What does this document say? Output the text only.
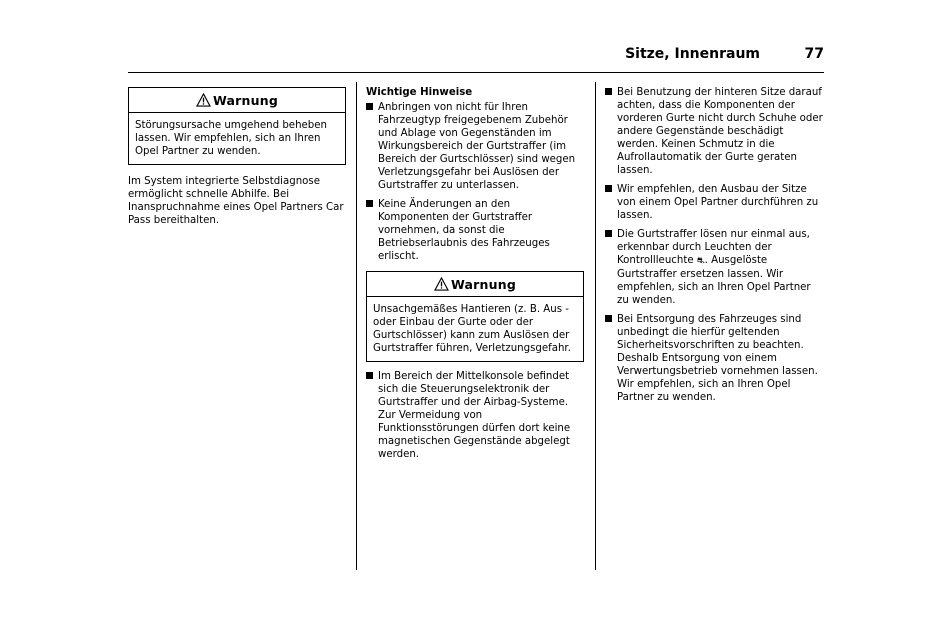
Sitze, Innenraum	77
Warnung
Störungsursache umgehend beheben lassen. Wir empfehlen, sich an Ihren Opel Partner zu wenden.

Im System integrierte Selbstdiagnose ermöglicht schnelle Abhilfe. Bei Inanspruchnahme eines Opel Partners Car Pass bereithalten.

Wichtige Hinweise

Anbringen von nicht für Ihren Fahrzeugtyp freigegebenem Zubehör und Ablage von Gegenständen im Wirkungsbereich der Gurtstraffer (im Bereich der Gurtschlösser) sind wegen Verletzungsgefahr bei Auslösen der Gurtstraffer zu unterlassen.
Keine Änderungen an den Komponenten der Gurtstraffer vornehmen, da sonst die Betriebserlaubnis des Fahrzeuges erlischt.
Warnung
Unsachgemäßes Hantieren (z. B. Aus - oder Einbau der Gurte oder der Gurtschlösser) kann zum Auslösen der Gurtstraffer führen, Verletzungsgefahr.
Im Bereich der Mittelkonsole befindet sich die Steuerungselektronik der Gurtstraffer und der Airbag-Systeme. Zur Vermeidung von Funktionsstörungen dürfen dort keine magnetischen Gegenstände abgelegt werden.
Bei Benutzung der hinteren Sitze darauf achten, dass die Komponenten der vorderen Gurte nicht durch Schuhe oder andere Gegenstände beschädigt werden. Keinen Schmutz in die Aufrollautomatik der Gurte geraten lassen.
Wir empfehlen, den Ausbau der Sitze von einem Opel Partner durchführen zu lassen.
Die Gurtstraffer lösen nur einmal aus, erkennbar durch Leuchten der Kontrollleuchte ⛐. Ausgelöste Gurtstraffer ersetzen lassen. Wir empfehlen, sich an Ihren Opel Partner zu wenden.
Bei Entsorgung des Fahrzeuges sind unbedingt die hierfür geltenden Sicherheitsvorschriften zu beachten. Deshalb Entsorgung von einem Verwertungsbetrieb vornehmen lassen. Wir empfehlen, sich an Ihren Opel Partner zu wenden.
